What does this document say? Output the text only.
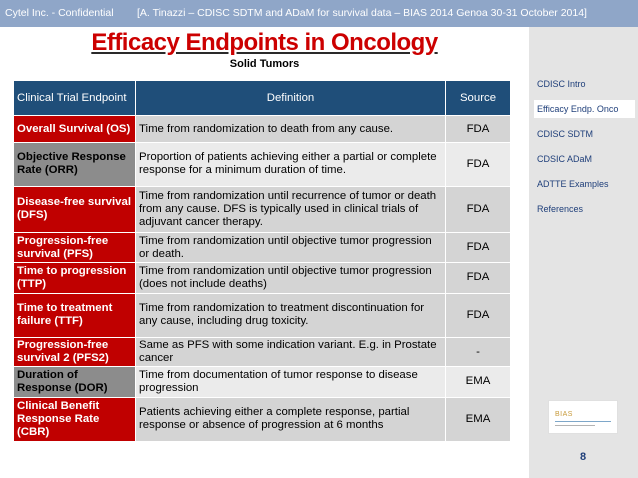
Cytel Inc. - Confidential [A. Tinazzi – CDISC SDTM and ADaM for survival data – BIAS 2014 Genoa 30-31 October 2014]
Efficacy Endpoints in Oncology
Solid Tumors
CDISC Intro
Efficacy Endp. Onco
CDISC SDTM
CDSIC ADaM
ADTTE Examples
References
Clinical Trial Endpoint	Definition	Source
Overall Survival (OS)	Time from randomization to death from any cause.	FDA
Objective Response Rate (ORR)	Proportion of patients achieving either a partial or complete response for a minimum duration of time.	FDA
Disease-free survival (DFS)	Time from randomization until recurrence of tumor or death from any cause. DFS is typically used in clinical trials of adjuvant cancer therapy.	FDA
Progression-free survival (PFS)	Time from randomization until objective tumor progression or death.	FDA
Time to progression (TTP)	Time from randomization until objective tumor progression (does not include deaths)	FDA
Time to treatment failure (TTF)	Time from randomization to treatment discontinuation for any cause, including drug toxicity.	FDA
Progression-free survival 2 (PFS2)	Same as PFS with some indication variant. E.g. in Prostate cancer	-
Duration of Response (DOR)	Time from documentation of tumor response to disease progression	EMA
Clinical Benefit Response Rate (CBR)	Patients achieving either a complete response, partial response or absence of progression at 6 months	EMA	BIAS
8
